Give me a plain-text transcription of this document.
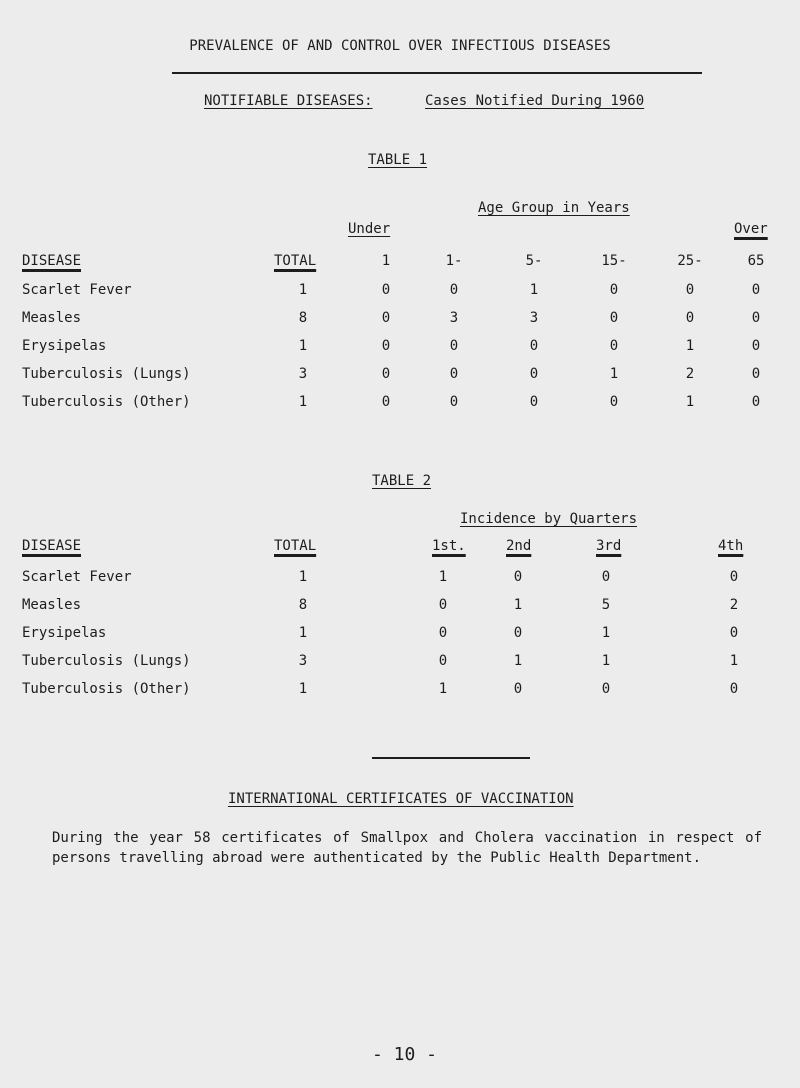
PREVALENCE OF AND CONTROL OVER INFECTIOUS DISEASES
NOTIFIABLE DISEASES:	Cases Notified During 1960
TABLE 1
Age Group in Years
Under	Over
DISEASE	TOTAL	1	1-	5-	15-	25-	65
Scarlet Fever	1	0	0	1	0	0	0
Measles	8	0	3	3	0	0	0
Erysipelas	1	0	0	0	0	1	0
Tuberculosis (Lungs)	3	0	0	0	1	2	0
Tuberculosis (Other)	1	0	0	0	0	1	0
TABLE 2
Incidence by Quarters
DISEASE	TOTAL	1st.	2nd	3rd	4th
Scarlet Fever	1	1	0	0	0
Measles	8	0	1	5	2
Erysipelas	1	0	0	1	0
Tuberculosis (Lungs)	3	0	1	1	1
Tuberculosis (Other)	1	1	0	0	0
INTERNATIONAL CERTIFICATES OF VACCINATION
During the year 58 certificates of Smallpox and Cholera vaccination in respect of persons travelling abroad were authenticated by the Public Health Department.
- 10 -
